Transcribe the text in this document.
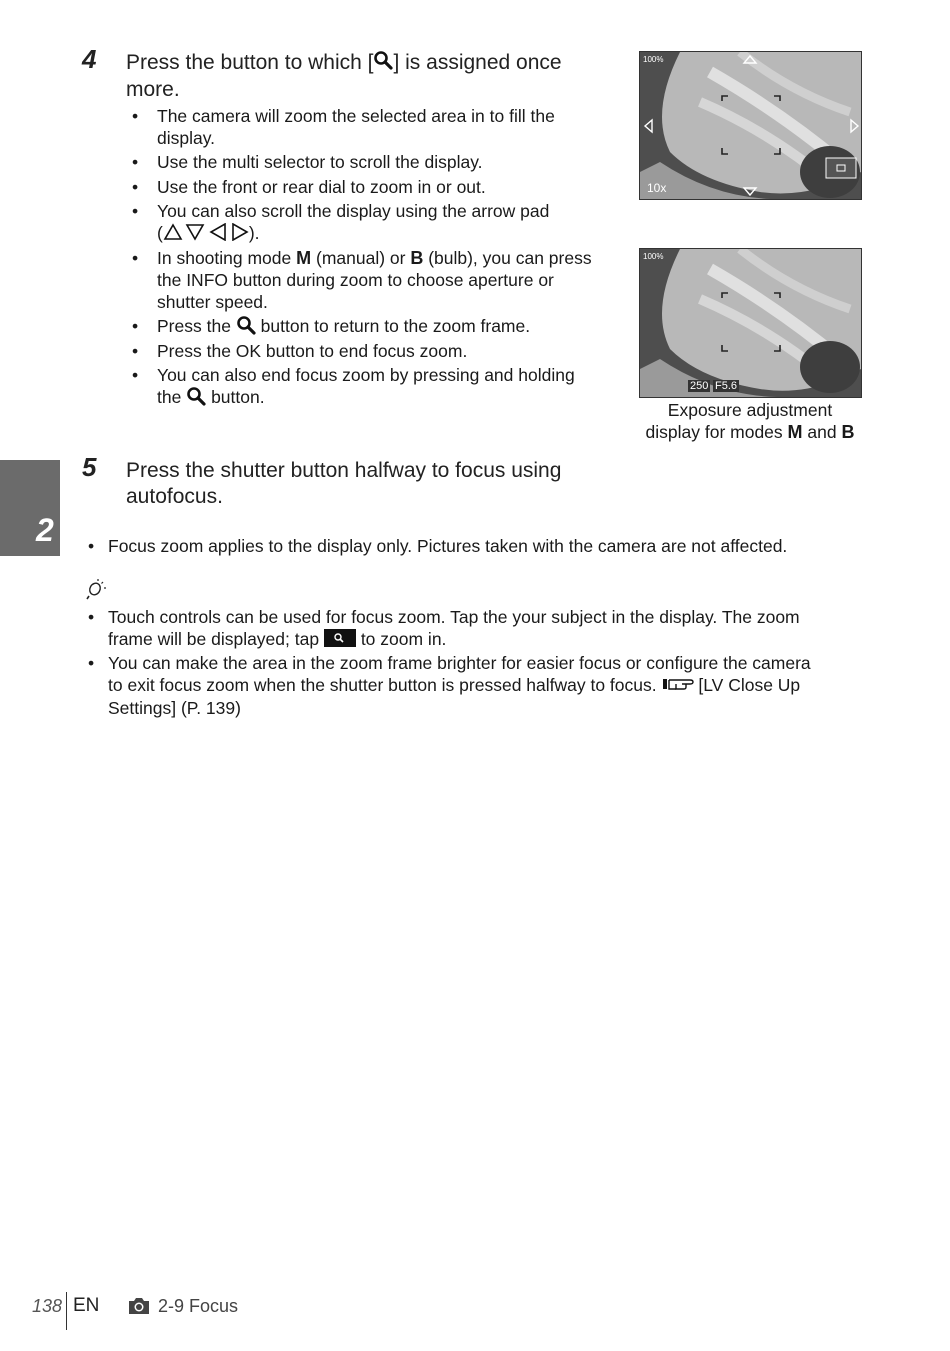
4 Press the button to which [ ] is assigned once
more.
•	The camera will zoom the selected area in to fill the
display.
•	Use the multi selector to scroll the display.
•	Use the front or rear dial to zoom in or out.
•	You can also scroll the display using the arrow pad
(	).
•	In shooting mode M (manual) or B (bulb), you can press
the INFO button during zoom to choose aperture or
shutter speed.
•	Press the  button to return to the zoom frame.
•	Press the OK button to end focus zoom.
•	You can also end focus zoom by pressing and holding
the  button.
100%
10x
100%
250 F5.6
Exposure adjustment
display for modes M and B
2
5 Press the shutter button halfway to focus using
autofocus.
• Focus zoom applies to the display only. Pictures taken with the camera are not affected.
• Touch controls can be used for focus zoom. Tap the your subject in the display. The zoom
frame will be displayed; tap  to zoom in.
• You can make the area in the zoom frame brighter for easier focus or configure the camera
to exit focus zoom when the shutter button is pressed halfway to focus.  [LV Close Up
Settings] (P. 139)
138 EN	2-9 Focus
